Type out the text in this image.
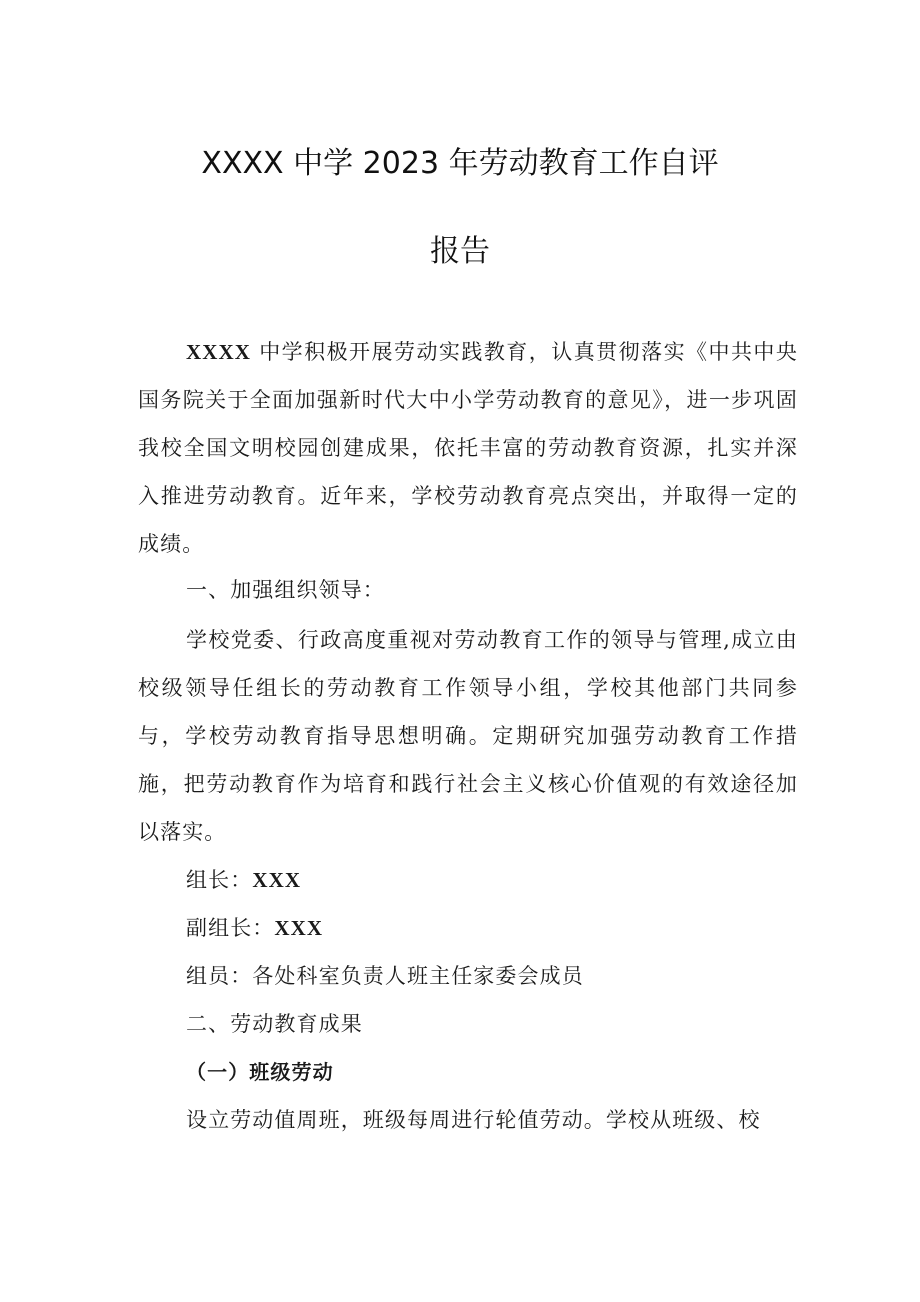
XXXX 中学 2023 年劳动教育工作自评
报告

XXXX 中学积极开展劳动实践教育，认真贯彻落实《中共中央国务院关于全面加强新时代大中小学劳动教育的意见》，进一步巩固我校全国文明校园创建成果，依托丰富的劳动教育资源，扎实并深入推进劳动教育。近年来，学校劳动教育亮点突出，并取得一定的成绩。

一、加强组织领导：

学校党委、行政高度重视对劳动教育工作的领导与管理,成立由校级领导任组长的劳动教育工作领导小组，学校其他部门共同参与，学校劳动教育指导思想明确。定期研究加强劳动教育工作措施，把劳动教育作为培育和践行社会主义核心价值观的有效途径加以落实。

组长：XXX

副组长：XXX

组员：各处科室负责人班主任家委会成员

二、劳动教育成果

（一）班级劳动

设立劳动值周班，班级每周进行轮值劳动。学校从班级、校
